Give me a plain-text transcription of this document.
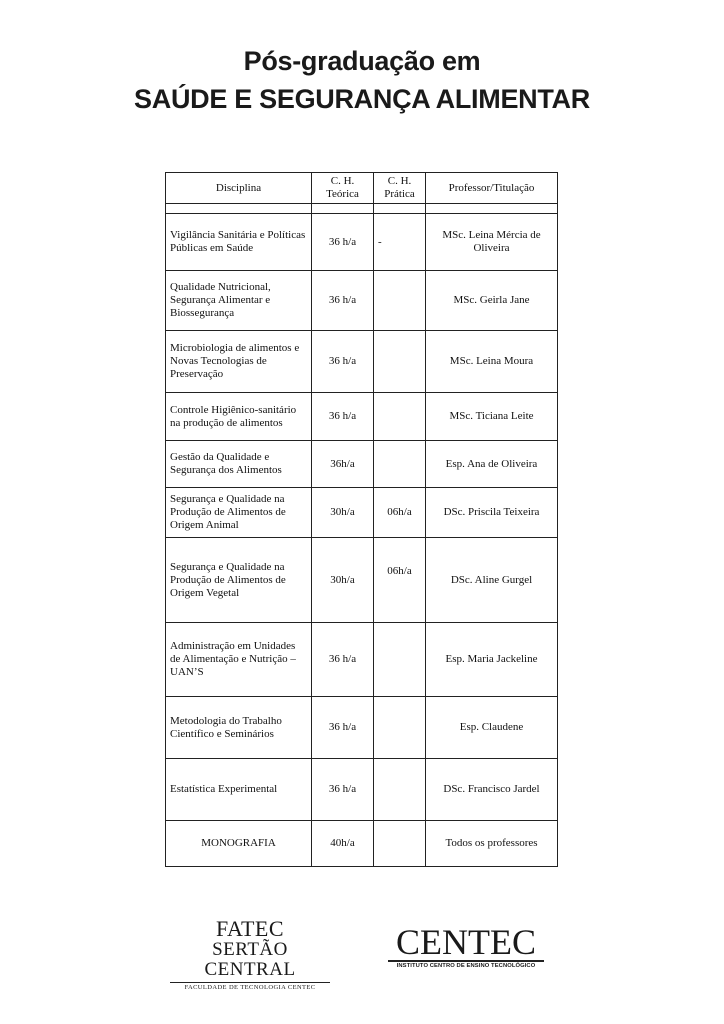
Pós-graduação em
SAÚDE E SEGURANÇA ALIMENTAR
Disciplina	C. H. Teórica	C. H. Prática	Professor/Titulação

Vigilância Sanitária e Políticas Públicas em Saúde	36 h/a	-	MSc. Leina Mércia de Oliveira
Qualidade Nutricional, Segurança Alimentar e Biossegurança	36 h/a		MSc. Geirla Jane
Microbiologia de alimentos e Novas Tecnologias de Preservação	36 h/a		MSc. Leina Moura
Controle Higiênico-sanitário na produção de alimentos	36 h/a		MSc. Ticiana Leite
Gestão da Qualidade e Segurança dos Alimentos	36h/a		Esp. Ana de Oliveira
Segurança e Qualidade na Produção de Alimentos de Origem Animal	30h/a	06h/a	DSc. Priscila Teixeira
Segurança e Qualidade na Produção de Alimentos de Origem Vegetal	30h/a	06h/a	DSc. Aline Gurgel
Administração em Unidades de Alimentação e Nutrição – UAN’S	36 h/a		Esp. Maria Jackeline
Metodologia do Trabalho Científico e Seminários	36 h/a		Esp. Claudene
Estatística Experimental	36 h/a		DSc. Francisco Jardel
MONOGRAFIA	40h/a		Todos os professores
FATEC
SERTÃO CENTRAL
FACULDADE DE TECNOLOGIA CENTEC
CENTEC
INSTITUTO CENTRO DE ENSINO TECNOLÓGICO
